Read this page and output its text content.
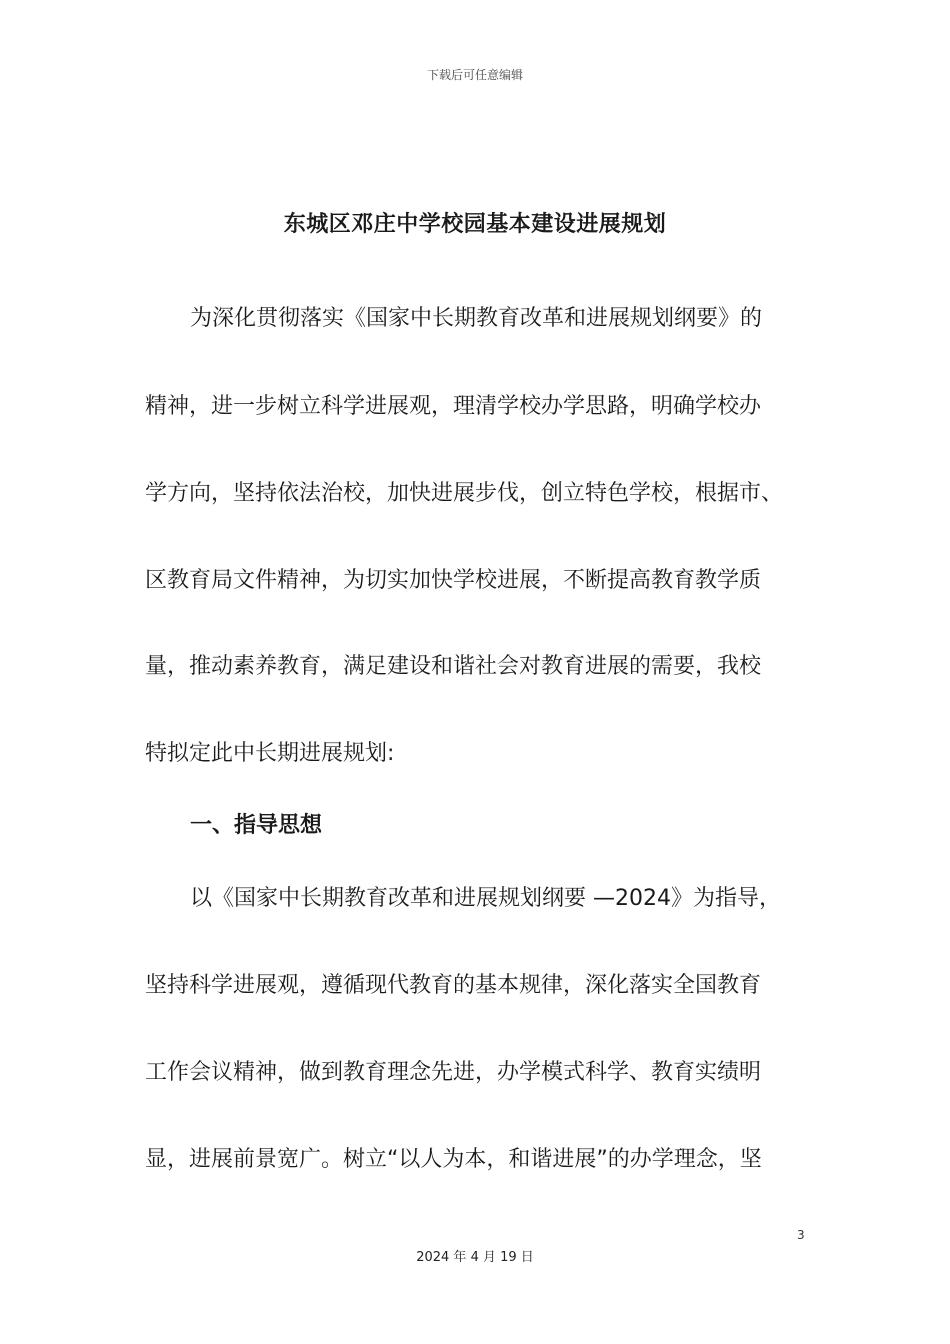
下载后可任意编辑
东城区邓庄中学校园基本建设进展规划
为深化贯彻落实《国家中长期教育改革和进展规划纲要》的
精神，进一步树立科学进展观，理清学校办学思路，明确学校办
学方向，坚持依法治校，加快进展步伐，创立特色学校，根据市、
区教育局文件精神，为切实加快学校进展，不断提高教育教学质
量，推动素养教育，满足建设和谐社会对教育进展的需要，我校
特拟定此中长期进展规划:
一、指导思想
以《国家中长期教育改革和进展规划纲要 —2024》为指导，
坚持科学进展观，遵循现代教育的基本规律，深化落实全国教育
工作会议精神，做到教育理念先进，办学模式科学、教育实绩明
显，进展前景宽广。树立“以人为本，和谐进展”的办学理念，坚
3
2024 年 4 月 19 日
